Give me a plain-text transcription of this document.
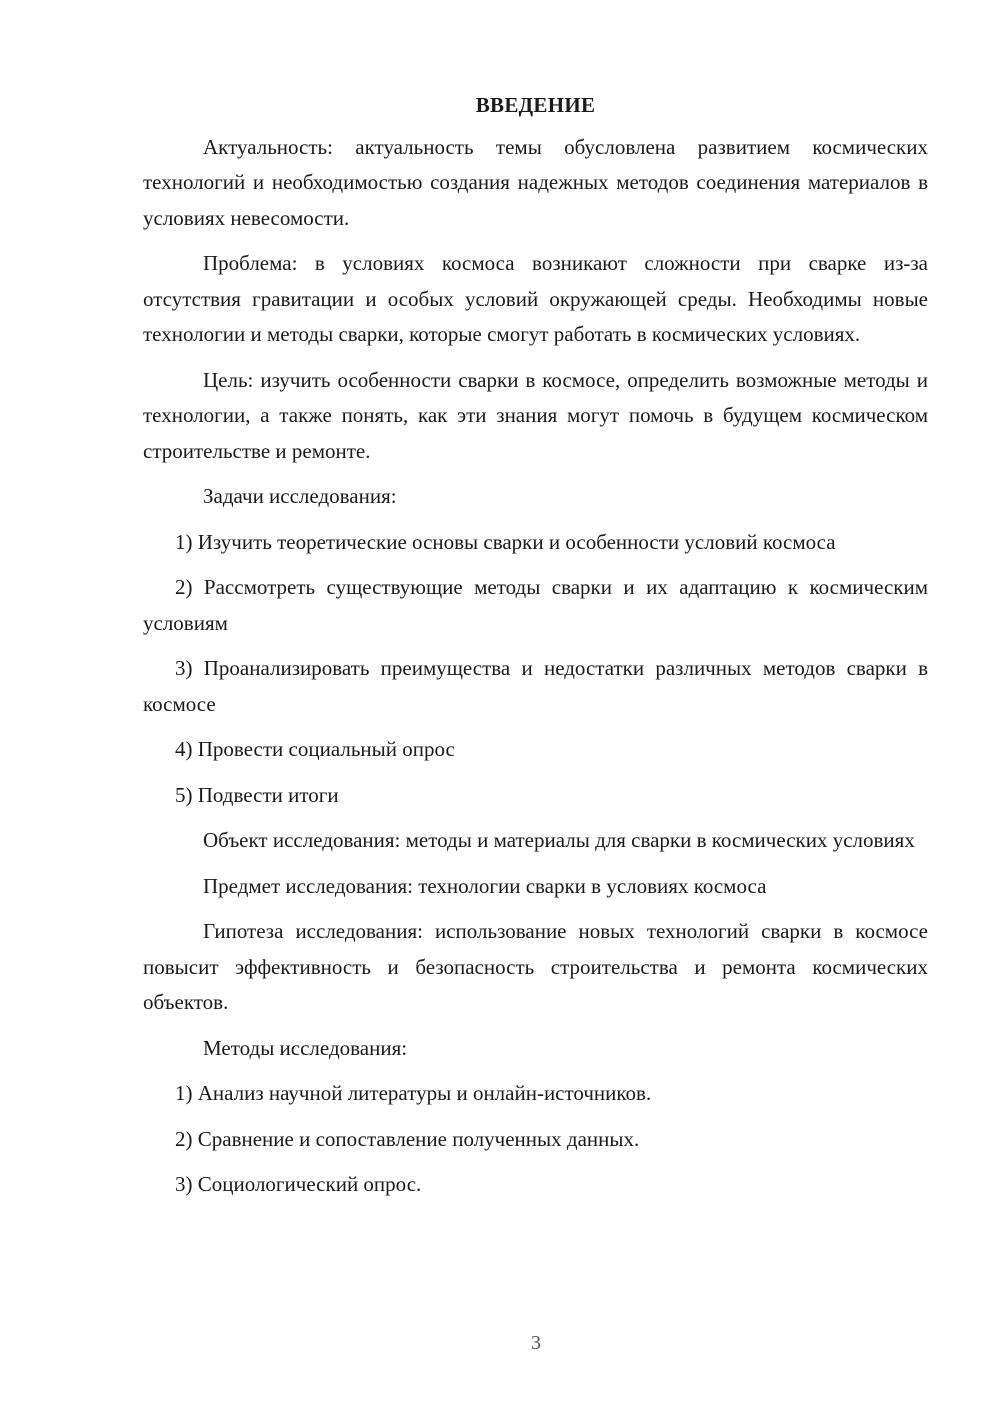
ВВЕДЕНИЕ

Актуальность: актуальность темы обусловлена развитием космических технологий и необходимостью создания надежных методов соединения материалов в условиях невесомости.

Проблема: в условиях космоса возникают сложности при сварке из-за отсутствия гравитации и особых условий окружающей среды. Необходимы новые технологии и методы сварки, которые смогут работать в космических условиях.

Цель: изучить особенности сварки в космосе, определить возможные методы и технологии, а также понять, как эти знания могут помочь в будущем космическом строительстве и ремонте.

Задачи исследования:

1) Изучить теоретические основы сварки и особенности условий космоса

2) Рассмотреть существующие методы сварки и их адаптацию к космическим условиям

3) Проанализировать преимущества и недостатки различных методов сварки в космосе

4) Провести социальный опрос

5) Подвести итоги

Объект исследования: методы и материалы для сварки в космических условиях

Предмет исследования: технологии сварки в условиях космоса

Гипотеза исследования: использование новых технологий сварки в космосе повысит эффективность и безопасность строительства и ремонта космических объектов.

Методы исследования:

1) Анализ научной литературы и онлайн-источников.

2) Сравнение и сопоставление полученных данных.

3) Социологический опрос.

3
